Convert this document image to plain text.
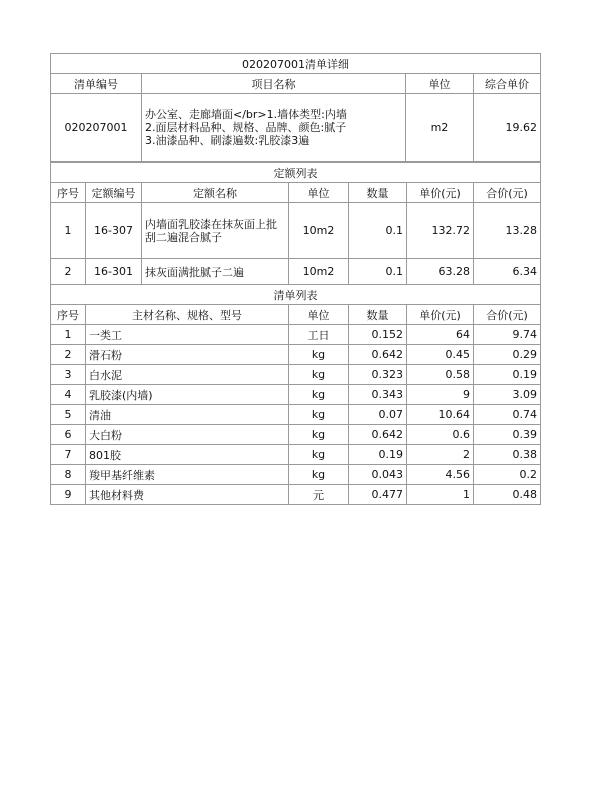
020207001清单详细			
清单编号	项目名称	单位	综合单价
020207001	办公室、走廊墙面</br>1.墙体类型:内墙
2.面层材料品种、规格、品牌、颜色:腻子
3.油漆品种、刷漆遍数:乳胶漆3遍	m2	19.62
定额列表						
序号	定额编号	定额名称	单位	数量	单价(元)	合价(元)
1	16-307	内墙面乳胶漆在抹灰面上批刮二遍混合腻子	10m2	0.1	132.72	13.28
2	16-301	抹灰面满批腻子二遍	10m2	0.1	63.28	6.34
清单列表					
序号	主材名称、规格、型号	单位	数量	单价(元)	合价(元)
1	一类工	工日	0.152	64	9.74
2	滑石粉	kg	0.642	0.45	0.29
3	白水泥	kg	0.323	0.58	0.19
4	乳胶漆(内墙)	kg	0.343	9	3.09
5	清油	kg	0.07	10.64	0.74
6	大白粉	kg	0.642	0.6	0.39
7	801胶	kg	0.19	2	0.38
8	羧甲基纤维素	kg	0.043	4.56	0.2
9	其他材料费	元	0.477	1	0.48
